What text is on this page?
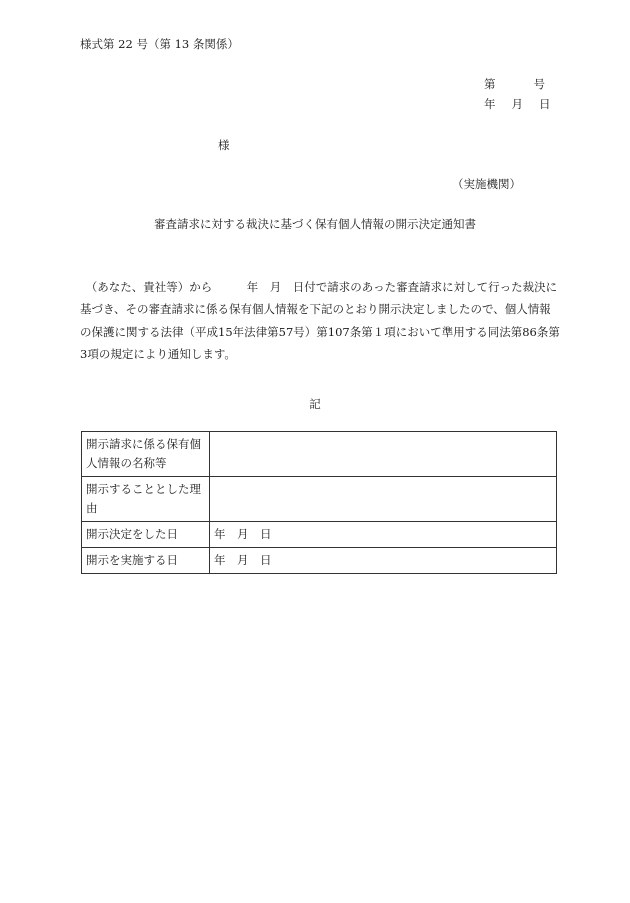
様式第 22 号（第 13 条関係）
第	号
年 月 日
様
（実施機関）
審査請求に対する裁決に基づく保有個人情報の開示決定通知書
　（あなた、貴社等）から　　　年　月　日付で請求のあった審査請求に対して行った裁決に基づき、その審査請求に係る保有個人情報を下記のとおり開示決定しましたので、個人情報の保護に関する法律（平成15年法律第57号）第107条第１項において準用する同法第86条第3項の規定により通知します。
記
開示請求に係る保有個人情報の名称等	
開示することとした理由	
開示決定をした日	年　月　日
開示を実施する日	年　月　日
